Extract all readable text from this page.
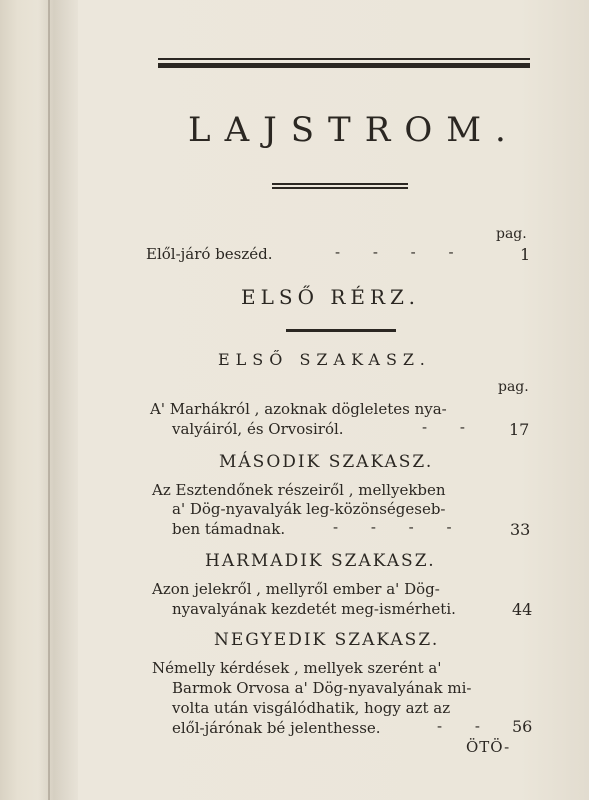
LAJSTROM.
pag.
Elől-járó beszéd.	- - - -	1
ELSŐ RÉRZ.
ELSŐ SZAKASZ.
pag.
A' Marhákról , azoknak dögleletes nya-
valyáiról, és Orvosiról.	- - 17
MÁSODIK SZAKASZ.
Az Esztendőnek részeiről , mellyekben
a' Dög-nyavalyák leg-közönségeseb-
ben támadnak.	- - - -	33
HARMADIK SZAKASZ.
Azon jelekről , mellyről ember a' Dög-
nyavalyának kezdetét meg-ismérheti.	44
NEGYEDIK SZAKASZ.
Némelly kérdések , mellyek szerént a'
Barmok Orvosa a' Dög-nyavalyának mi-
volta után visgálódhatik, hogy azt az
elől-járónak bé jelenthesse.	- - 56
ÖTÖ-
